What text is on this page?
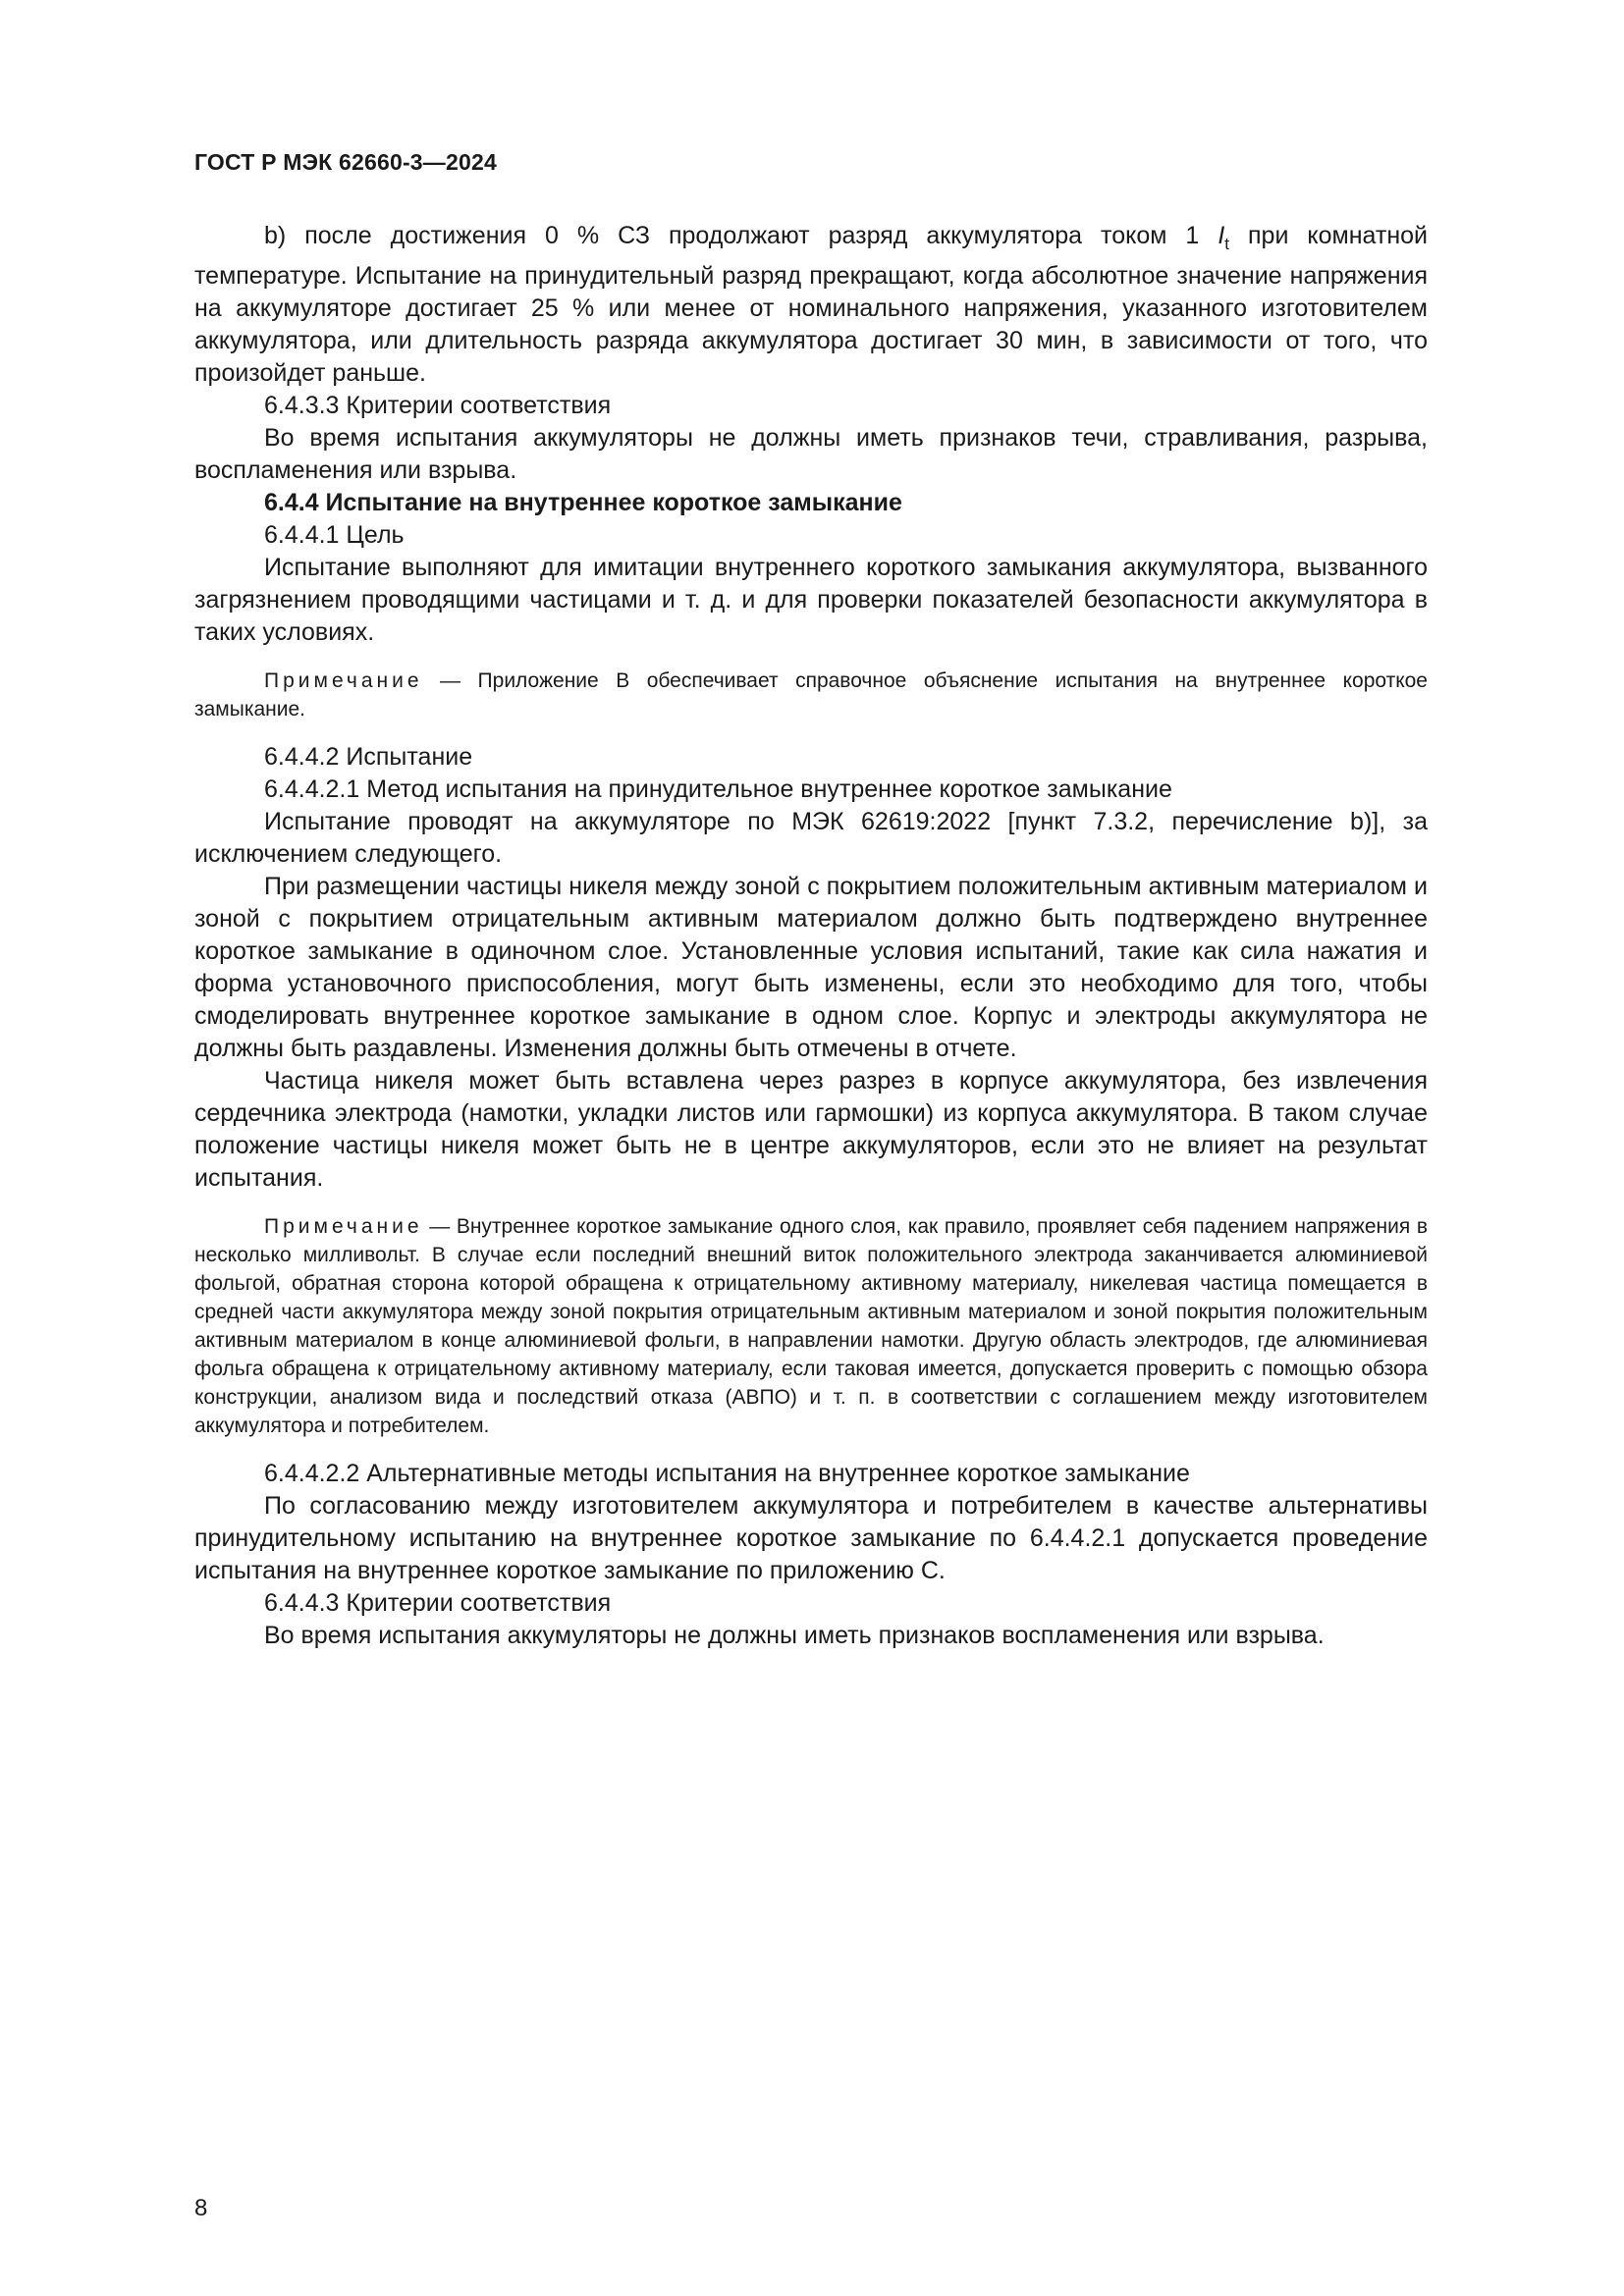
ГОСТ Р МЭК 62660-3—2024

b) после достижения 0 % СЗ продолжают разряд аккумулятора током 1 $I_t$ при комнатной температуре. Испытание на принудительный разряд прекращают, когда абсолютное значение напряжения на аккумуляторе достигает 25 % или менее от номинального напряжения, указанного изготовителем аккумулятора, или длительность разряда аккумулятора достигает 30 мин, в зависимости от того, что произойдет раньше.

6.4.3.3 Критерии соответствия

Во время испытания аккумуляторы не должны иметь признаков течи, стравливания, разрыва, воспламенения или взрыва.

6.4.4 Испытание на внутреннее короткое замыкание

6.4.4.1 Цель

Испытание выполняют для имитации внутреннего короткого замыкания аккумулятора, вызванного загрязнением проводящими частицами и т. д. и для проверки показателей безопасности аккумулятора в таких условиях.

Примечание — Приложение В обеспечивает справочное объяснение испытания на внутреннее короткое замыкание.

6.4.4.2 Испытание

6.4.4.2.1 Метод испытания на принудительное внутреннее короткое замыкание

Испытание проводят на аккумуляторе по МЭК 62619:2022 [пункт 7.3.2, перечисление b)], за исключением следующего.

При размещении частицы никеля между зоной с покрытием положительным активным материалом и зоной с покрытием отрицательным активным материалом должно быть подтверждено внутреннее короткое замыкание в одиночном слое. Установленные условия испытаний, такие как сила нажатия и форма установочного приспособления, могут быть изменены, если это необходимо для того, чтобы смоделировать внутреннее короткое замыкание в одном слое. Корпус и электроды аккумулятора не должны быть раздавлены. Изменения должны быть отмечены в отчете.

Частица никеля может быть вставлена через разрез в корпусе аккумулятора, без извлечения сердечника электрода (намотки, укладки листов или гармошки) из корпуса аккумулятора. В таком случае положение частицы никеля может быть не в центре аккумуляторов, если это не влияет на результат испытания.

Примечание — Внутреннее короткое замыкание одного слоя, как правило, проявляет себя падением напряжения в несколько милливольт. В случае если последний внешний виток положительного электрода заканчивается алюминиевой фольгой, обратная сторона которой обращена к отрицательному активному материалу, никелевая частица помещается в средней части аккумулятора между зоной покрытия отрицательным активным материалом и зоной покрытия положительным активным материалом в конце алюминиевой фольги, в направлении намотки. Другую область электродов, где алюминиевая фольга обращена к отрицательному активному материалу, если таковая имеется, допускается проверить с помощью обзора конструкции, анализом вида и последствий отказа (АВПО) и т. п. в соответствии с соглашением между изготовителем аккумулятора и потребителем.

6.4.4.2.2 Альтернативные методы испытания на внутреннее короткое замыкание

По согласованию между изготовителем аккумулятора и потребителем в качестве альтернативы принудительному испытанию на внутреннее короткое замыкание по 6.4.4.2.1 допускается проведение испытания на внутреннее короткое замыкание по приложению С.

6.4.4.3 Критерии соответствия

Во время испытания аккумуляторы не должны иметь признаков воспламенения или взрыва.

8
